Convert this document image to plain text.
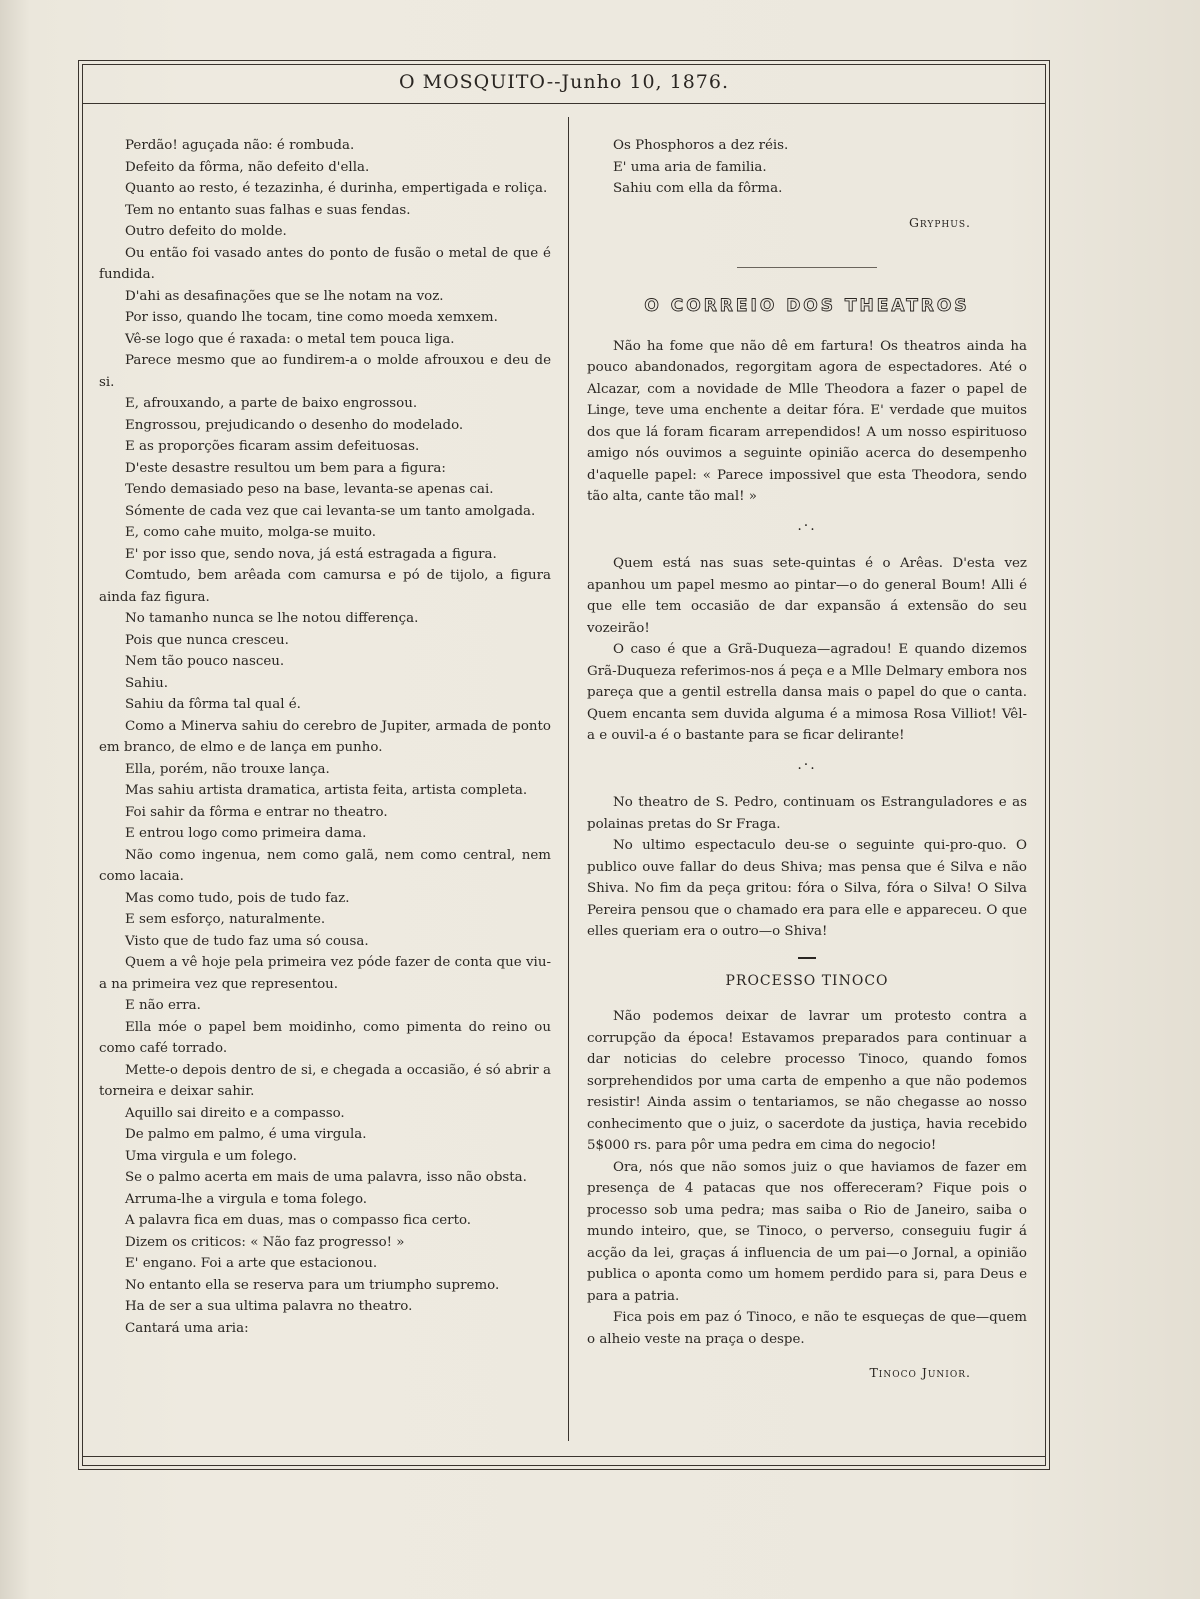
O MOSQUITO--Junho 10, 1876.

Perdão! aguçada não: é rombuda.

Defeito da fôrma, não defeito d'ella.

Quanto ao resto, é tezazinha, é durinha, empertigada e roliça.

Tem no entanto suas falhas e suas fendas.

Outro defeito do molde.

Ou então foi vasado antes do ponto de fusão o metal de que é fundida.

D'ahi as desafinações que se lhe notam na voz.

Por isso, quando lhe tocam, tine como moeda xemxem.

Vê-se logo que é raxada: o metal tem pouca liga.

Parece mesmo que ao fundirem-a o molde afrouxou e deu de si.

E, afrouxando, a parte de baixo engrossou.

Engrossou, prejudicando o desenho do modelado.

E as proporções ficaram assim defeituosas.

D'este desastre resultou um bem para a figura:

Tendo demasiado peso na base, levanta-se apenas cai.

Sómente de cada vez que cai levanta-se um tanto amolgada.

E, como cahe muito, molga-se muito.

E' por isso que, sendo nova, já está estragada a figura.

Comtudo, bem arêada com camursa e pó de tijolo, a figura ainda faz figura.

No tamanho nunca se lhe notou differença.

Pois que nunca cresceu.

Nem tão pouco nasceu.

Sahiu.

Sahiu da fôrma tal qual é.

Como a Minerva sahiu do cerebro de Jupiter, armada de ponto em branco, de elmo e de lança em punho.

Ella, porém, não trouxe lança.

Mas sahiu artista dramatica, artista feita, artista completa.

Foi sahir da fôrma e entrar no theatro.

E entrou logo como primeira dama.

Não como ingenua, nem como galã, nem como central, nem como lacaia.

Mas como tudo, pois de tudo faz.

E sem esforço, naturalmente.

Visto que de tudo faz uma só cousa.

Quem a vê hoje pela primeira vez póde fazer de conta que viu-a na primeira vez que representou.

E não erra.

Ella móe o papel bem moidinho, como pimenta do reino ou como café torrado.

Mette-o depois dentro de si, e chegada a occasião, é só abrir a torneira e deixar sahir.

Aquillo sai direito e a compasso.

De palmo em palmo, é uma virgula.

Uma virgula e um folego.

Se o palmo acerta em mais de uma palavra, isso não obsta.

Arruma-lhe a virgula e toma folego.

A palavra fica em duas, mas o compasso fica certo.

Dizem os criticos: « Não faz progresso! »

E' engano. Foi a arte que estacionou.

No entanto ella se reserva para um triumpho supremo.

Ha de ser a sua ultima palavra no theatro.

Cantará uma aria:

Os Phosphoros a dez réis.

E' uma aria de familia.

Sahiu com ella da fôrma.

Gryphus.
O CORREIO DOS THEATROS

Não ha fome que não dê em fartura! Os theatros ainda ha pouco abandonados, regorgitam agora de espectadores. Até o Alcazar, com a novidade de Mlle Theodora a fazer o papel de Linge, teve uma enchente a deitar fóra. E' verdade que muitos dos que lá foram ficaram arrependidos! A um nosso espirituoso amigo nós ouvimos a seguinte opinião acerca do desempenho d'aquelle papel: « Parece impossivel que esta Theodora, sendo tão alta, cante tão mal! »

.·.

Quem está nas suas sete-quintas é o Arêas. D'esta vez apanhou um papel mesmo ao pintar—o do general Boum! Alli é que elle tem occasião de dar expansão á extensão do seu vozeirão!

O caso é que a Grã-Duqueza—agradou! E quando dizemos Grã-Duqueza referimos-nos á peça e a Mlle Delmary embora nos pareça que a gentil estrella dansa mais o papel do que o canta. Quem encanta sem duvida alguma é a mimosa Rosa Villiot! Vêl-a e ouvil-a é o bastante para se ficar delirante!

.·.

No theatro de S. Pedro, continuam os Estranguladores e as polainas pretas do Sr Fraga.

No ultimo espectaculo deu-se o seguinte qui-pro-quo. O publico ouve fallar do deus Shiva; mas pensa que é Silva e não Shiva. No fim da peça gritou: fóra o Silva, fóra o Silva! O Silva Pereira pensou que o chamado era para elle e appareceu. O que elles queriam era o outro—o Shiva!

PROCESSO TINOCO

Não podemos deixar de lavrar um protesto contra a corrupção da época! Estavamos preparados para continuar a dar noticias do celebre processo Tinoco, quando fomos sorprehendidos por uma carta de empenho a que não podemos resistir! Ainda assim o tentariamos, se não chegasse ao nosso conhecimento que o juiz, o sacerdote da justiça, havia recebido 5$000 rs. para pôr uma pedra em cima do negocio!

Ora, nós que não somos juiz o que haviamos de fazer em presença de 4 patacas que nos offereceram? Fique pois o processo sob uma pedra; mas saiba o Rio de Janeiro, saiba o mundo inteiro, que, se Tinoco, o perverso, conseguiu fugir á acção da lei, graças á influencia de um pai—o Jornal, a opinião publica o aponta como um homem perdido para si, para Deus e para a patria.

Fica pois em paz ó Tinoco, e não te esqueças de que—quem o alheio veste na praça o despe.

Tinoco Junior.
